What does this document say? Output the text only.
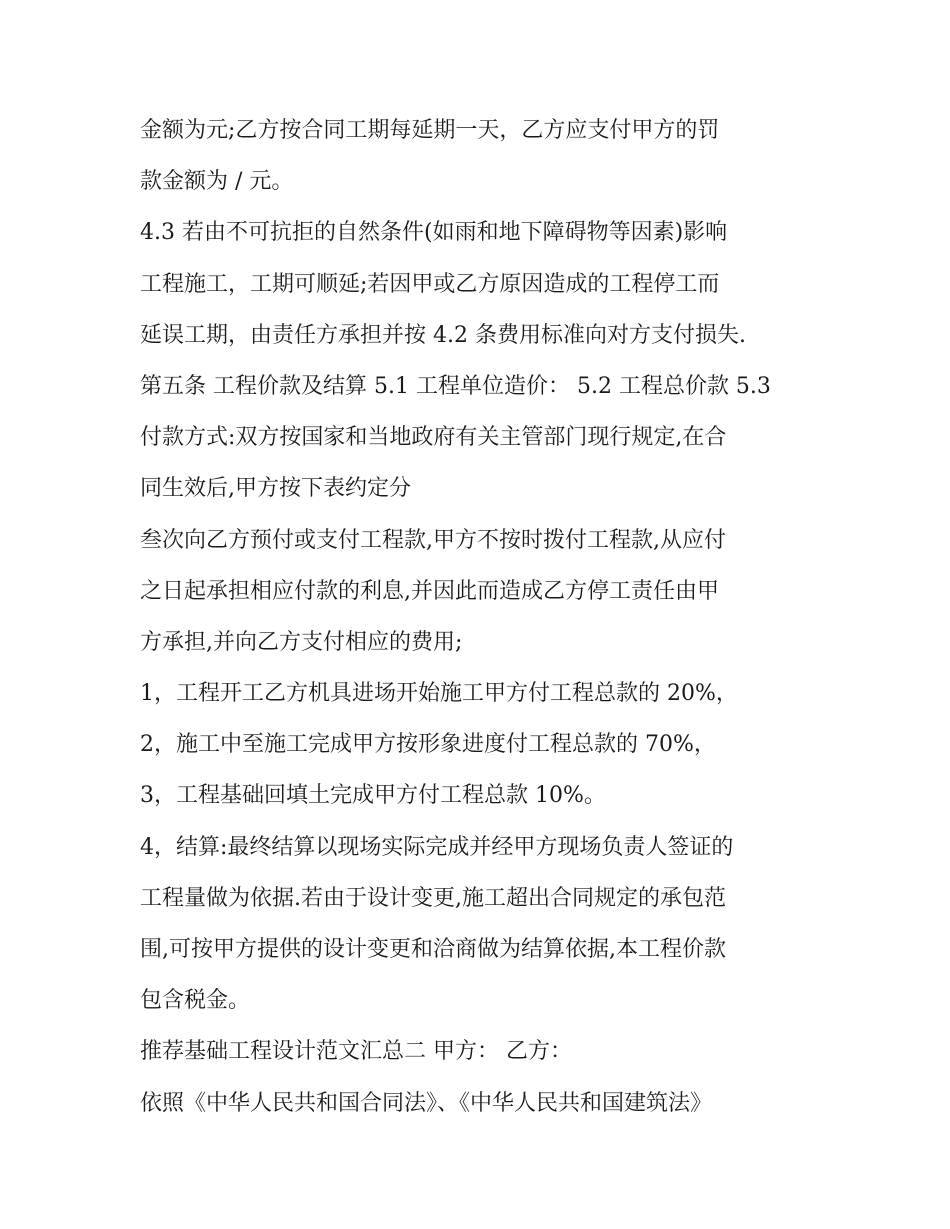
金额为元;乙方按合同工期每延期一天，乙方应支付甲方的罚
款金额为 / 元。
4.3 若由不可抗拒的自然条件(如雨和地下障碍物等因素)影响
工程施工，工期可顺延;若因甲或乙方原因造成的工程停工而
延误工期，由责任方承担并按 4.2 条费用标准向对方支付损失.
第五条 工程价款及结算 5.1 工程单位造价： 5.2 工程总价款 5.3
付款方式:双方按国家和当地政府有关主管部门现行规定,在合
同生效后,甲方按下表约定分
叁次向乙方预付或支付工程款,甲方不按时拨付工程款,从应付
之日起承担相应付款的利息,并因此而造成乙方停工责任由甲
方承担,并向乙方支付相应的费用;
1，工程开工乙方机具进场开始施工甲方付工程总款的 20%，
2，施工中至施工完成甲方按形象进度付工程总款的 70%，
3，工程基础回填土完成甲方付工程总款 10%。
4，结算:最终结算以现场实际完成并经甲方现场负责人签证的
工程量做为依据.若由于设计变更,施工超出合同规定的承包范
围,可按甲方提供的设计变更和洽商做为结算依据,本工程价款
包含税金。
推荐基础工程设计范文汇总二 甲方： 乙方：
依照《中华人民共和国合同法》、《中华人民共和国建筑法》
